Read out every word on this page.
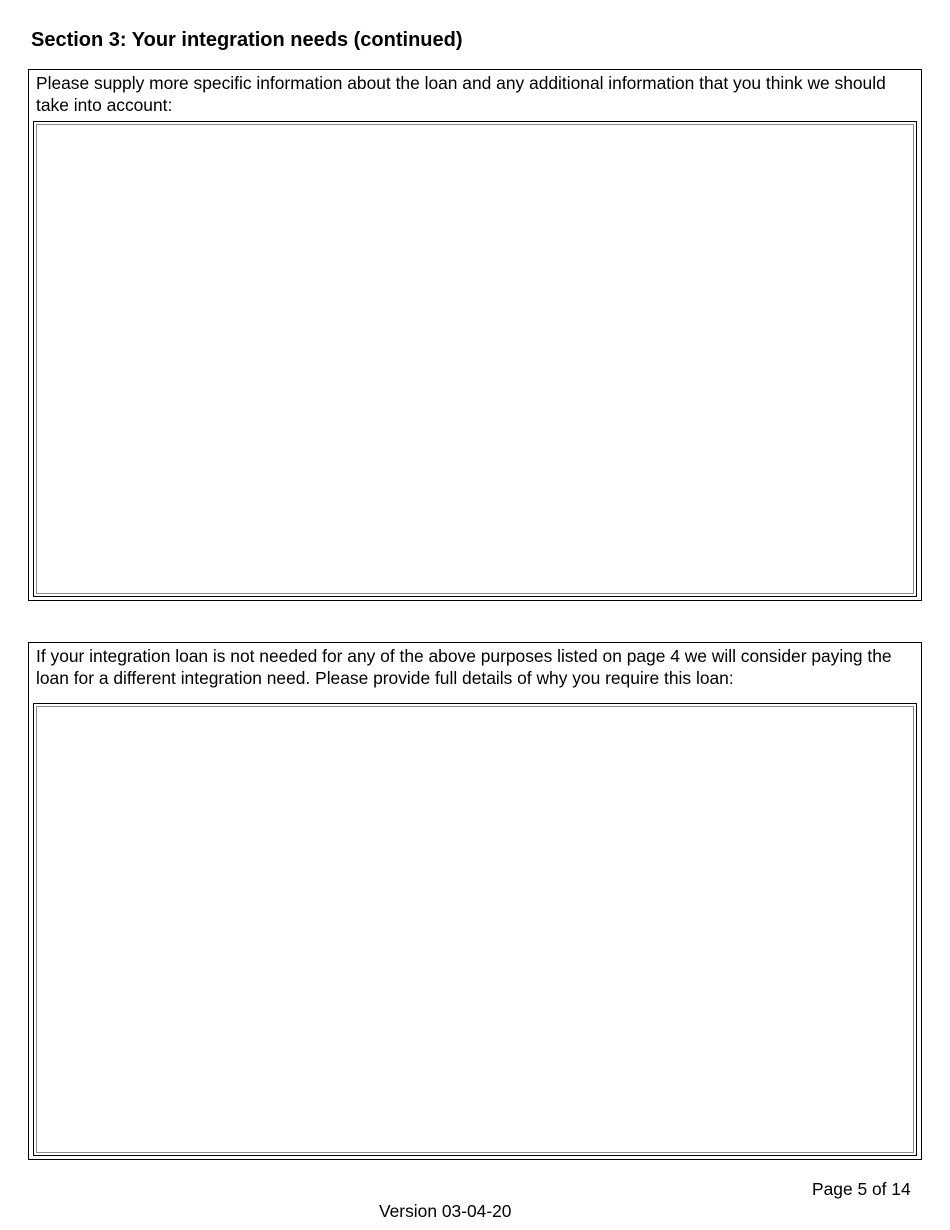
Section 3: Your integration needs (continued)

Please supply more specific information about the loan and any additional information that you think we should take into account:

If your integration loan is not needed for any of the above purposes listed on page 4 we will consider paying the loan for a different integration need. Please provide full details of why you require this loan:

Page 5 of 14
Version 03-04-20
